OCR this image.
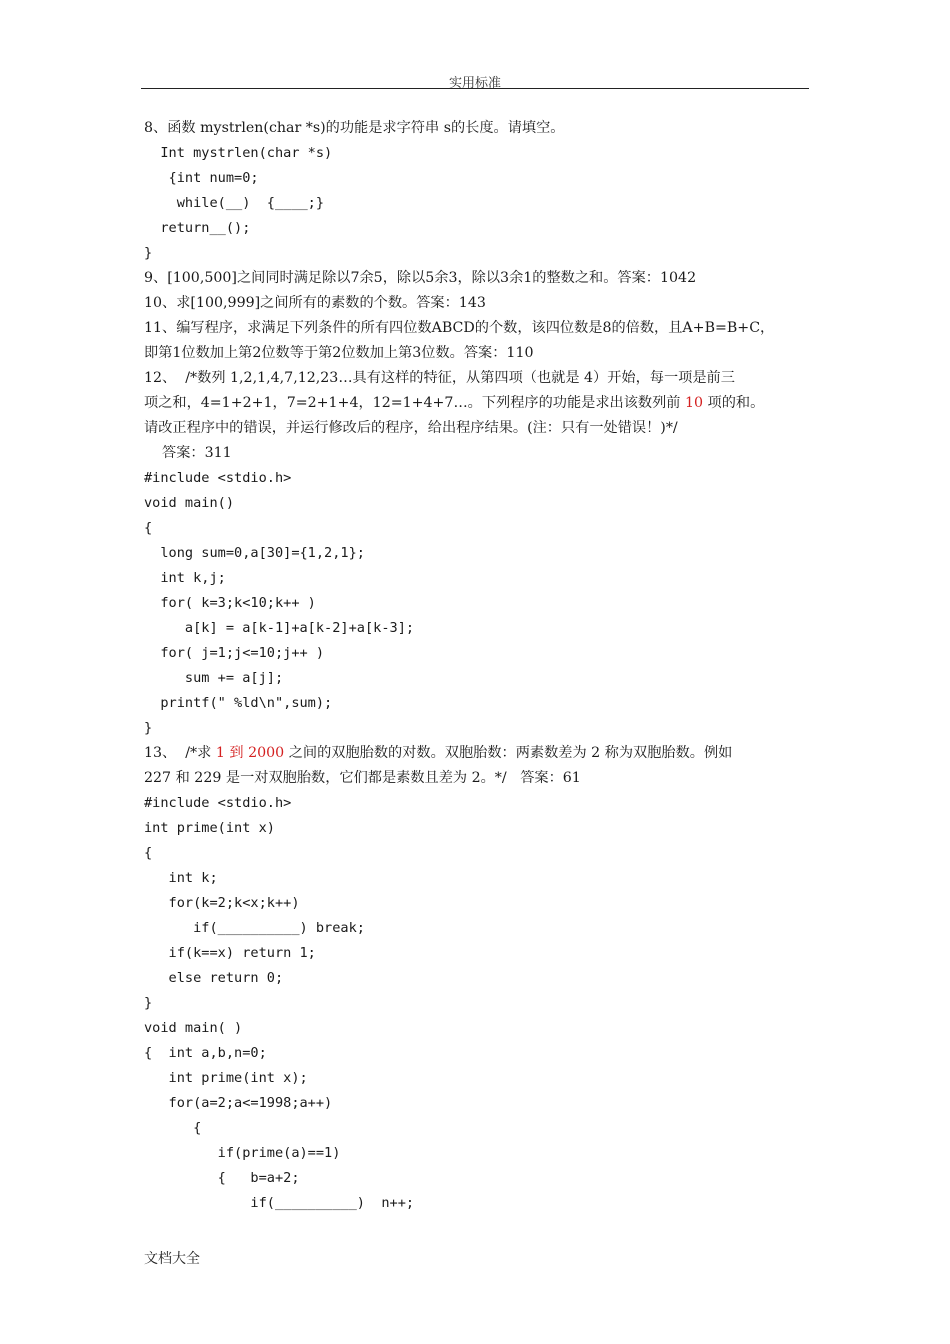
实用标准
8、函数 mystrlen(char *s)的功能是求字符串 s的长度。请填空。
Int mystrlen(char *s)
{int num=0;
while(__)  {____;}
return__();
}
9、[100,500]之间同时满足除以7余5，除以5余3，除以3余1的整数之和。答案：1042
10、求[100,999]之间所有的素数的个数。答案：143
11、编写程序，求满足下列条件的所有四位数ABCD的个数，该四位数是8的倍数，且A+B=B+C，
即第1位数加上第2位数等于第2位数加上第3位数。答案：110
12、  /*数列 1,2,1,4,7,12,23…具有这样的特征，从第四项（也就是 4）开始，每一项是前三
项之和，4=1+2+1，7=2+1+4，12=1+4+7…。下列程序的功能是求出该数列前 10 项的和。
请改正程序中的错误，并运行修改后的程序，给出程序结果。(注：只有一处错误！)*/
答案：311
#include <stdio.h>
void main()
{
long sum=0,a[30]={1,2,1};
int k,j;
for( k=3;k<10;k++ )
a[k] = a[k-1]+a[k-2]+a[k-3];
for( j=1;j<=10;j++ )
sum += a[j];
printf(" %ld\n",sum);
}
13、  /*求 1 到 2000 之间的双胞胎数的对数。双胞胎数：两素数差为 2 称为双胞胎数。例如
227 和 229 是一对双胞胎数，它们都是素数且差为 2。*/   答案：61
#include <stdio.h>
int prime(int x)
{
int k;
for(k=2;k<x;k++)
if(__________) break;
if(k==x) return 1;
else return 0;
}
void main( )
{  int a,b,n=0;
int prime(int x);
for(a=2;a<=1998;a++)
{
if(prime(a)==1)
{   b=a+2;
if(__________)  n++;
文档大全
